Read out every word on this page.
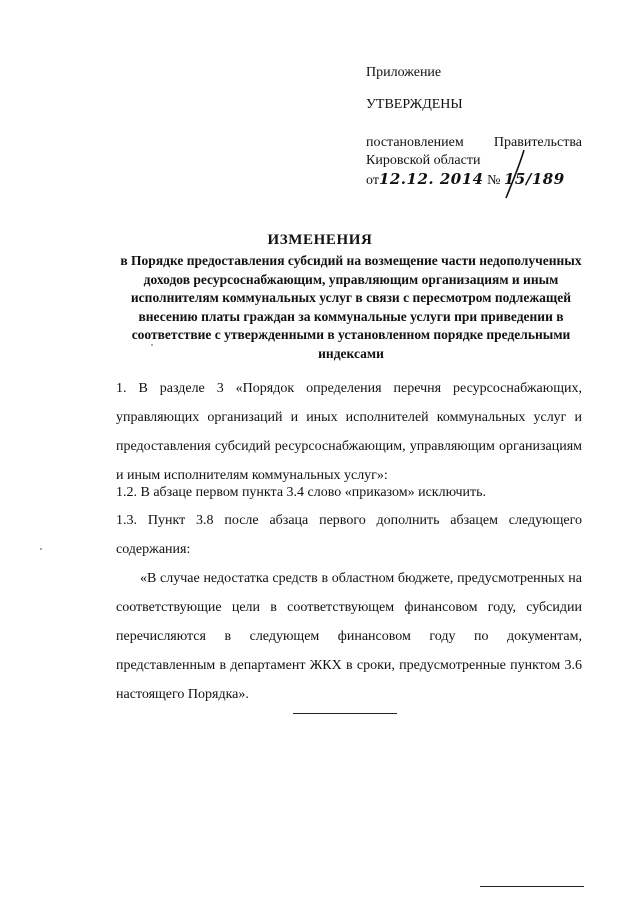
Приложение
УТВЕРЖДЕНЫ
постановлением Правительства
Кировской области
от12.12. 2014 № 15/189
ИЗМЕНЕНИЯ
в Порядке предоставления субсидий на возмещение части недополученных доходов ресурсоснабжающим, управляющим организациям и иным исполнителям коммунальных услуг в связи с пересмотром подлежащей внесению платы граждан за коммунальные услуги при приведении в соответствие с утвержденными в установленном порядке предельными индексами
1. В разделе 3 «Порядок определения перечня ресурсоснабжающих, управляющих организаций и иных исполнителей коммунальных услуг и предоставления субсидий ресурсоснабжающим, управляющим организациям и иным исполнителям коммунальных услуг»:
1.2. В абзаце первом пункта 3.4 слово «приказом» исключить.
1.3. Пункт 3.8 после абзаца первого дополнить абзацем следующего содержания:
«В случае недостатка средств в областном бюджете, предусмотренных на соответствующие цели в соответствующем финансовом году, субсидии перечисляются в следующем финансовом году по документам, представленным в департамент ЖКХ в сроки, предусмотренные пунктом 3.6 настоящего Порядка».
